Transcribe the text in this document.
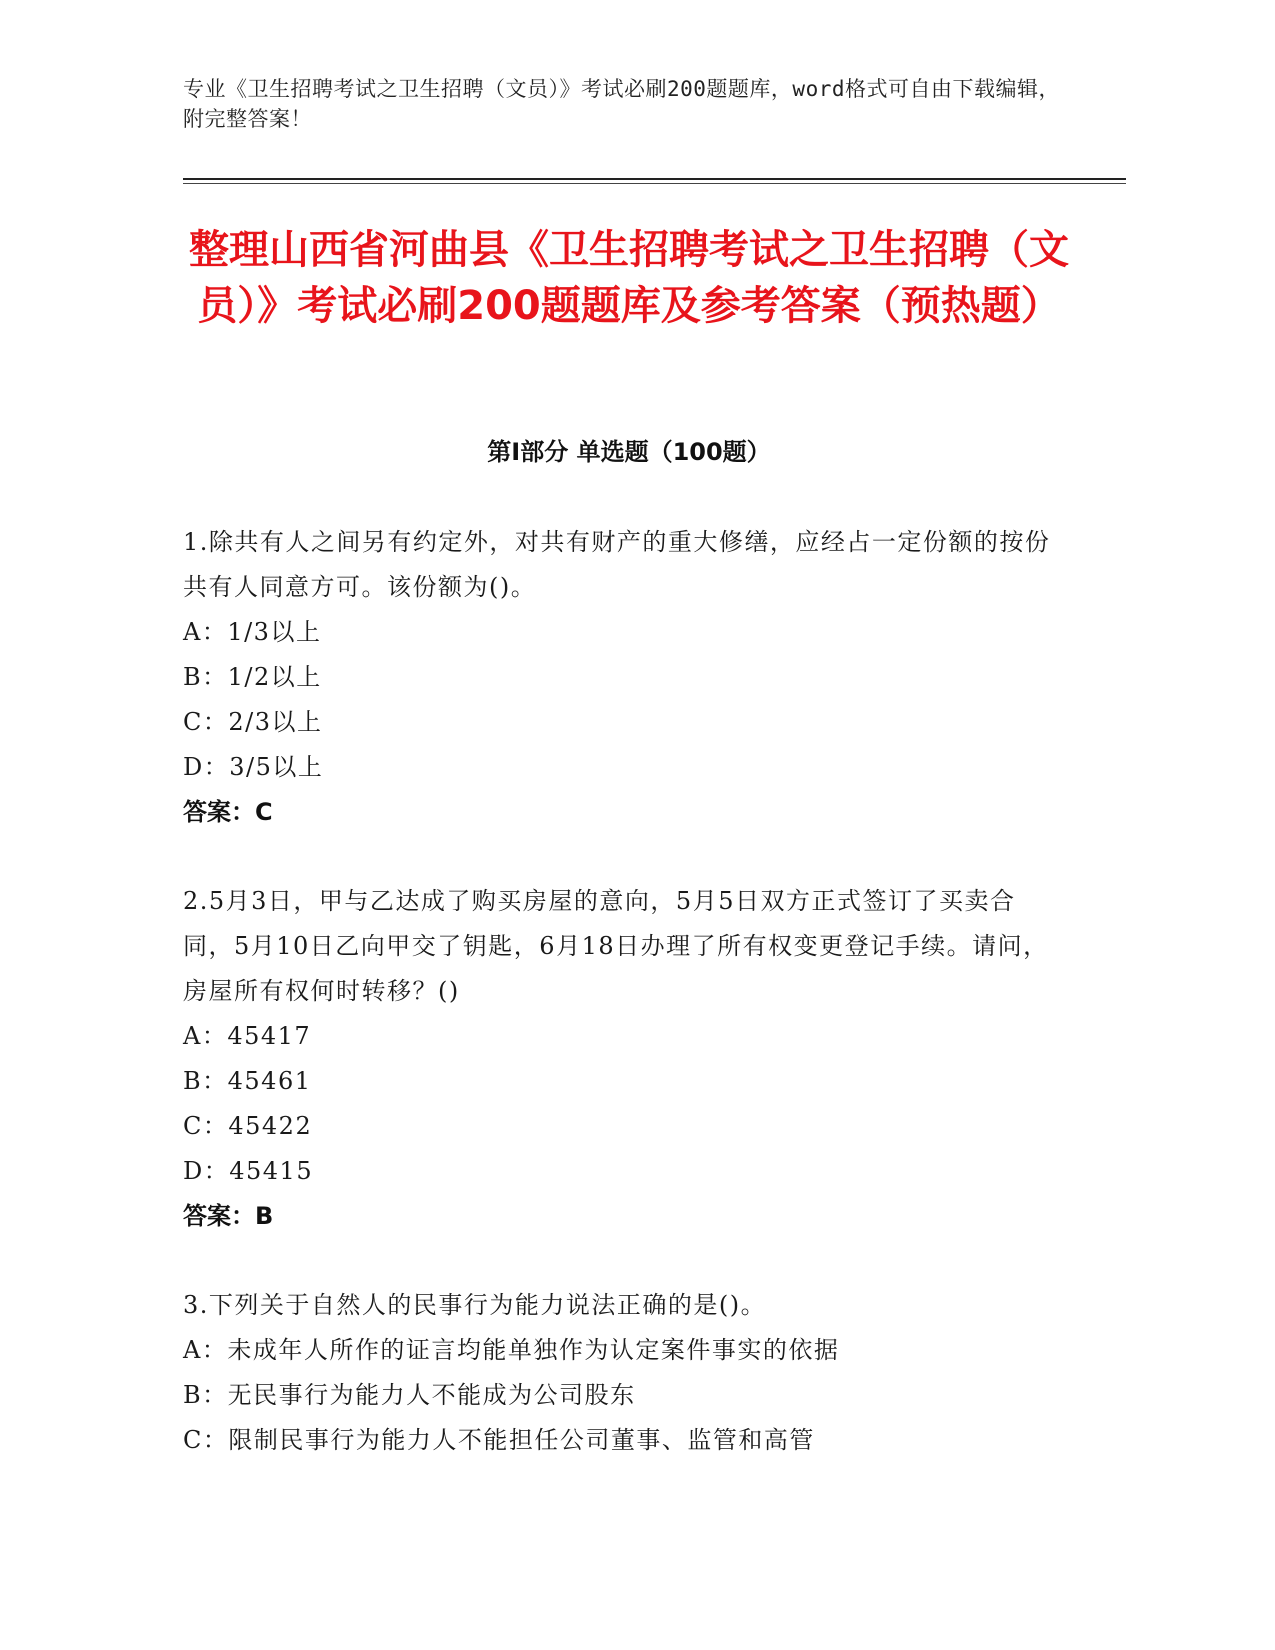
专业《卫生招聘考试之卫生招聘（文员）》考试必刷200题题库，word格式可自由下载编辑，附完整答案！
整理山西省河曲县《卫生招聘考试之卫生招聘（文员）》考试必刷200题题库及参考答案（预热题）
第I部分 单选题（100题）

1.除共有人之间另有约定外，对共有财产的重大修缮，应经占一定份额的按份共有人同意方可。该份额为()。

A：1/3以上

B：1/2以上

C：2/3以上

D：3/5以上

答案：C

2.5月3日，甲与乙达成了购买房屋的意向，5月5日双方正式签订了买卖合同，5月10日乙向甲交了钥匙，6月18日办理了所有权变更登记手续。请问，房屋所有权何时转移？()

A：45417

B：45461

C：45422

D：45415

答案：B

3.下列关于自然人的民事行为能力说法正确的是()。

A：未成年人所作的证言均能单独作为认定案件事实的依据

B：无民事行为能力人不能成为公司股东

C：限制民事行为能力人不能担任公司董事、监管和高管
